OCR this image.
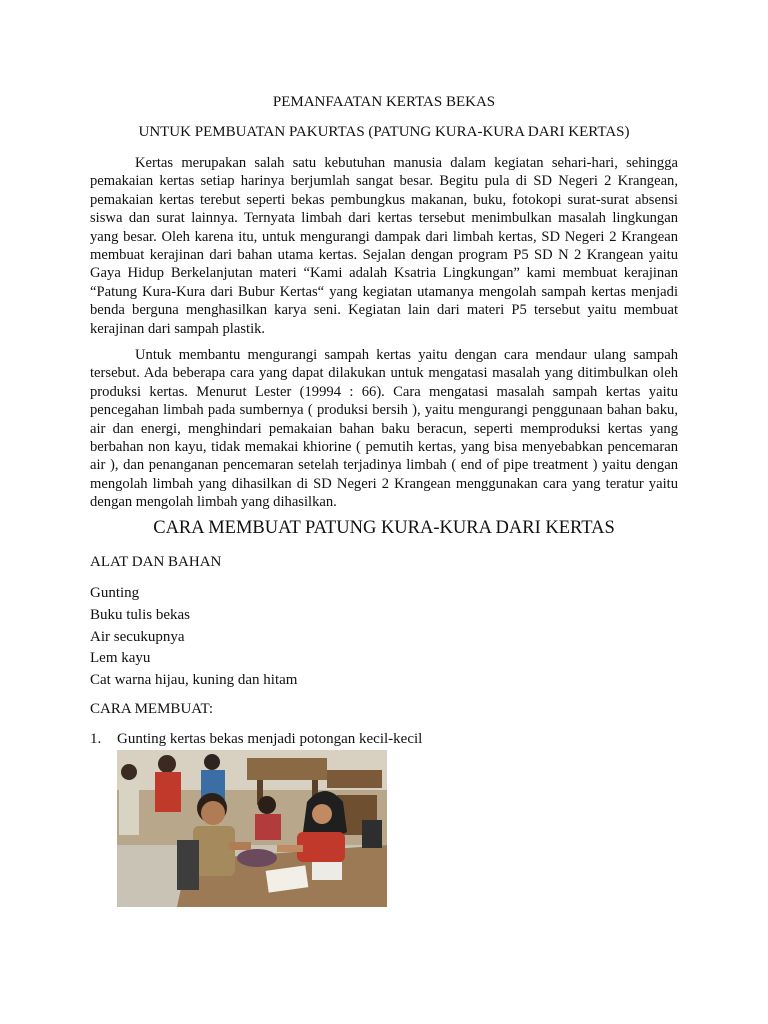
PEMANFAATAN KERTAS BEKAS
UNTUK PEMBUATAN PAKURTAS (PATUNG KURA-KURA DARI KERTAS)

Kertas merupakan salah satu kebutuhan manusia dalam kegiatan sehari-hari, sehingga pemakaian kertas setiap harinya berjumlah sangat besar. Begitu pula di SD Negeri 2 Krangean, pemakaian kertas terebut seperti bekas pembungkus makanan, buku, fotokopi surat-surat absensi siswa dan surat lainnya. Ternyata limbah dari kertas tersebut menimbulkan masalah lingkungan yang besar. Oleh karena itu, untuk mengurangi dampak dari limbah kertas, SD Negeri 2 Krangean membuat kerajinan dari bahan utama kertas. Sejalan dengan program P5 SD N 2 Krangean yaitu Gaya Hidup Berkelanjutan materi “Kami adalah Ksatria Lingkungan” kami membuat kerajinan “Patung Kura-Kura dari Bubur Kertas“ yang kegiatan utamanya mengolah sampah kertas menjadi benda berguna menghasilkan karya seni. Kegiatan lain dari materi P5 tersebut yaitu membuat kerajinan dari sampah plastik.

Untuk membantu mengurangi sampah kertas yaitu dengan cara mendaur ulang sampah tersebut. Ada beberapa cara yang dapat dilakukan untuk mengatasi masalah yang ditimbulkan oleh produksi kertas. Menurut Lester (19994 : 66). Cara mengatasi masalah sampah kertas yaitu pencegahan limbah pada sumbernya ( produksi bersih ), yaitu mengurangi penggunaan bahan baku, air dan energi, menghindari pemakaian bahan baku beracun, seperti memproduksi kertas yang berbahan non kayu, tidak memakai khiorine ( pemutih kertas, yang bisa menyebabkan pencemaran air ), dan penanganan pencemaran setelah terjadinya limbah ( end of pipe treatment ) yaitu dengan mengolah limbah yang dihasilkan di SD Negeri 2 Krangean menggunakan cara yang teratur yaitu dengan mengolah limbah yang dihasilkan.

CARA MEMBUAT PATUNG KURA-KURA DARI KERTAS
ALAT DAN BAHAN
Gunting
Buku tulis bekas
Air secukupnya
Lem kayu
Cat warna hijau, kuning dan hitam
CARA MEMBUAT:
1. Gunting kertas bekas menjadi potongan kecil-kecil
